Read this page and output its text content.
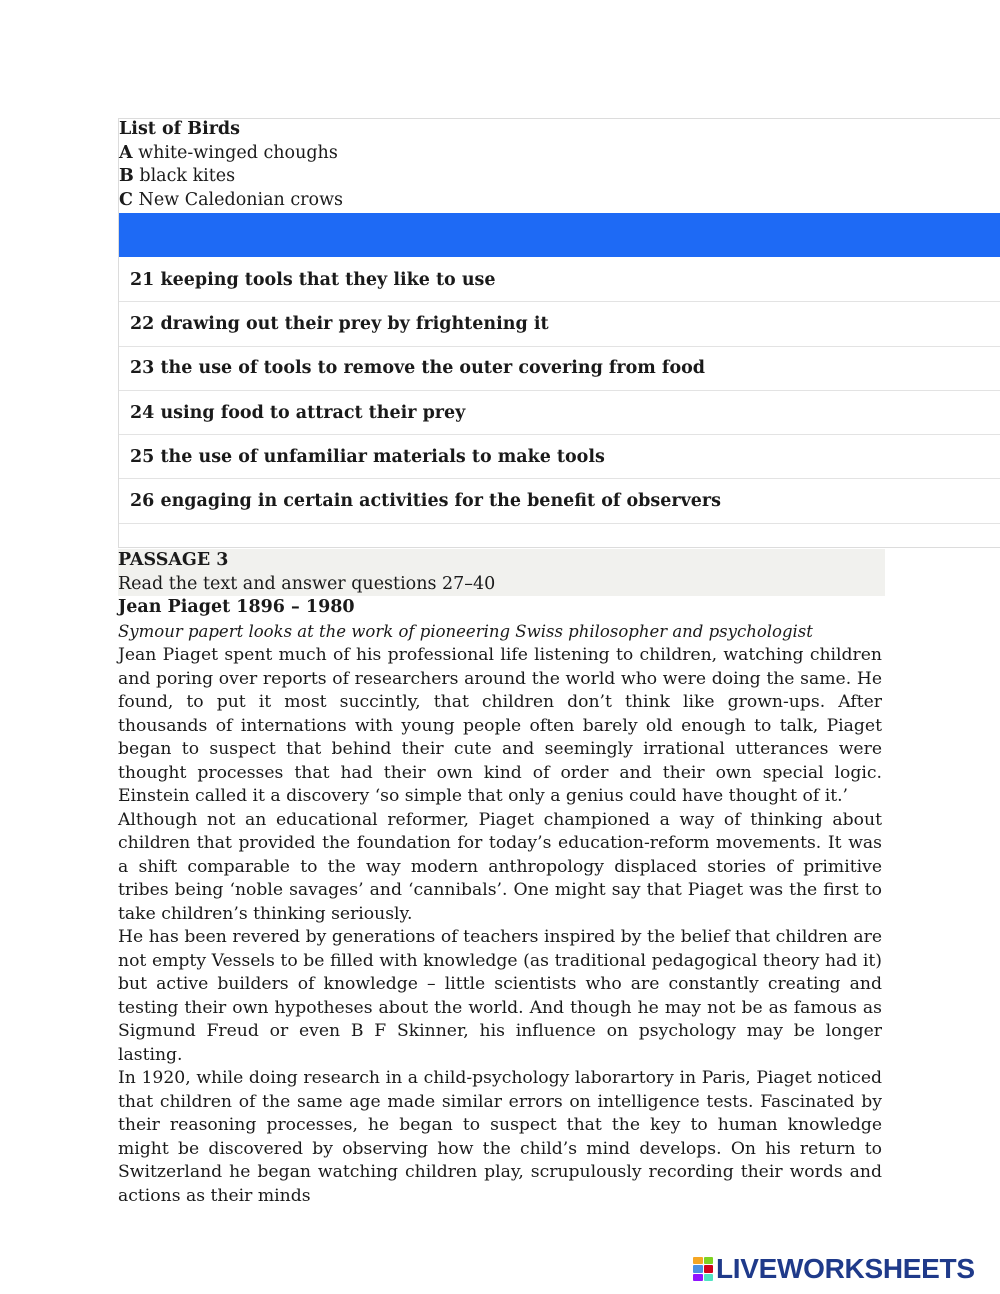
List of Birds
A white-winged choughs
B black kites
C New Caledonian crows
21 keeping tools that they like to use
22 drawing out their prey by frightening it
23 the use of tools to remove the outer covering from food
24 using food to attract their prey
25 the use of unfamiliar materials to make tools
26 engaging in certain activities for the benefit of observers
PASSAGE 3
Read the text and answer questions 27–40
Jean Piaget 1896 – 1980
Symour papert looks at the work of pioneering Swiss philosopher and psychologist

Jean Piaget spent much of his professional life listening to children, watching children and poring over reports of researchers around the world who were doing the same. He found, to put it most succintly, that children don’t think like grown-ups. After thousands of internations with young people often barely old enough to talk, Piaget began to suspect that behind their cute and seemingly irrational utterances were thought processes that had their own kind of order and their own special logic. Einstein called it a discovery ‘so simple that only a genius could have thought of it.’

Although not an educational reformer, Piaget championed a way of thinking about children that provided the foundation for today’s education-reform movements. It was a shift comparable to the way modern anthropology displaced stories of primitive tribes being ‘noble savages’ and ‘cannibals’. One might say that Piaget was the first to take children’s thinking seriously.

He has been revered by generations of teachers inspired by the belief that children are not empty Vessels to be filled with knowledge (as traditional pedagogical theory had it) but active builders of knowledge – little scientists who are constantly creating and testing their own hypotheses about the world. And though he may not be as famous as Sigmund Freud or even B F Skinner, his influence on psychology may be longer lasting.

In 1920, while doing research in a child-psychology laborartory in Paris, Piaget noticed that children of the same age made similar errors on intelligence tests. Fascinated by their reasoning processes, he began to suspect that the key to human knowledge might be discovered by observing how the child’s mind develops. On his return to Switzerland he began watching children play, scrupulously recording their words and actions as their minds

LIVEWORKSHEETS
